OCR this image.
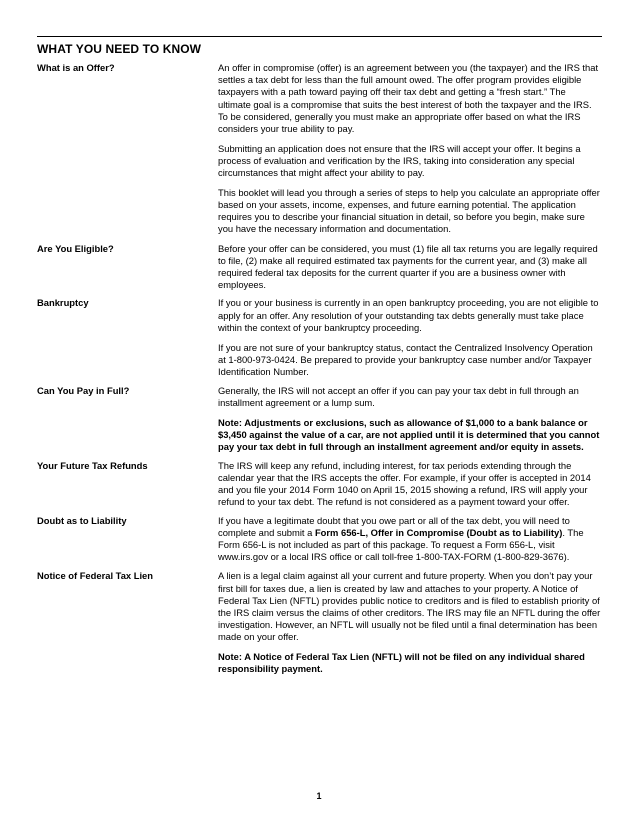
WHAT YOU NEED TO KNOW
What is an Offer?	An offer in compromise (offer) is an agreement between you (the taxpayer) and the IRS that settles a tax debt for less than the full amount owed. The offer program provides eligible taxpayers with a path toward paying off their tax debt and getting a “fresh start.” The ultimate goal is a compromise that suits the best interest of both the taxpayer and the IRS. To be considered, generally you must make an appropriate offer based on what the IRS considers your true ability to pay.

Submitting an application does not ensure that the IRS will accept your offer. It begins a process of evaluation and verification by the IRS, taking into consideration any special circumstances that might affect your ability to pay.

This booklet will lead you through a series of steps to help you calculate an appropriate offer based on your assets, income, expenses, and future earning potential. The application requires you to describe your financial situation in detail, so before you begin, make sure you have the necessary information and documentation.

Are You Eligible?	Before your offer can be considered, you must (1) file all tax returns you are legally required to file, (2) make all required estimated tax payments for the current year, and (3) make all required federal tax deposits for the current quarter if you are a business owner with employees.

Bankruptcy	If you or your business is currently in an open bankruptcy proceeding, you are not eligible to apply for an offer. Any resolution of your outstanding tax debts generally must take place within the context of your bankruptcy proceeding.

If you are not sure of your bankruptcy status, contact the Centralized Insolvency Operation at 1-800-973-0424. Be prepared to provide your bankruptcy case number and/or Taxpayer Identification Number.

Can You Pay in Full?	Generally, the IRS will not accept an offer if you can pay your tax debt in full through an installment agreement or a lump sum.

Note: Adjustments or exclusions, such as allowance of $1,000 to a bank balance or $3,450 against the value of a car, are not applied until it is determined that you cannot pay your tax debt in full through an installment agreement and/or equity in assets.

Your Future Tax Refunds	The IRS will keep any refund, including interest, for tax periods extending through the calendar year that the IRS accepts the offer. For example, if your offer is accepted in 2014 and you file your 2014 Form 1040 on April 15, 2015 showing a refund, IRS will apply your refund to your tax debt. The refund is not considered as a payment toward your offer.

Doubt as to Liability	If you have a legitimate doubt that you owe part or all of the tax debt, you will need to complete and submit a Form 656-L, Offer in Compromise (Doubt as to Liability). The Form 656-L is not included as part of this package. To request a Form 656-L, visit www.irs.gov or a local IRS office or call toll-free 1-800-TAX-FORM (1-800-829-3676).

Notice of Federal Tax Lien	A lien is a legal claim against all your current and future property. When you don’t pay your first bill for taxes due, a lien is created by law and attaches to your property. A Notice of Federal Tax Lien (NFTL) provides public notice to creditors and is filed to establish priority of the IRS claim versus the claims of other creditors. The IRS may file an NFTL during the offer investigation. However, an NFTL will usually not be filed until a final determination has been made on your offer.

Note: A Notice of Federal Tax Lien (NFTL) will not be filed on any individual shared responsibility payment.

1
